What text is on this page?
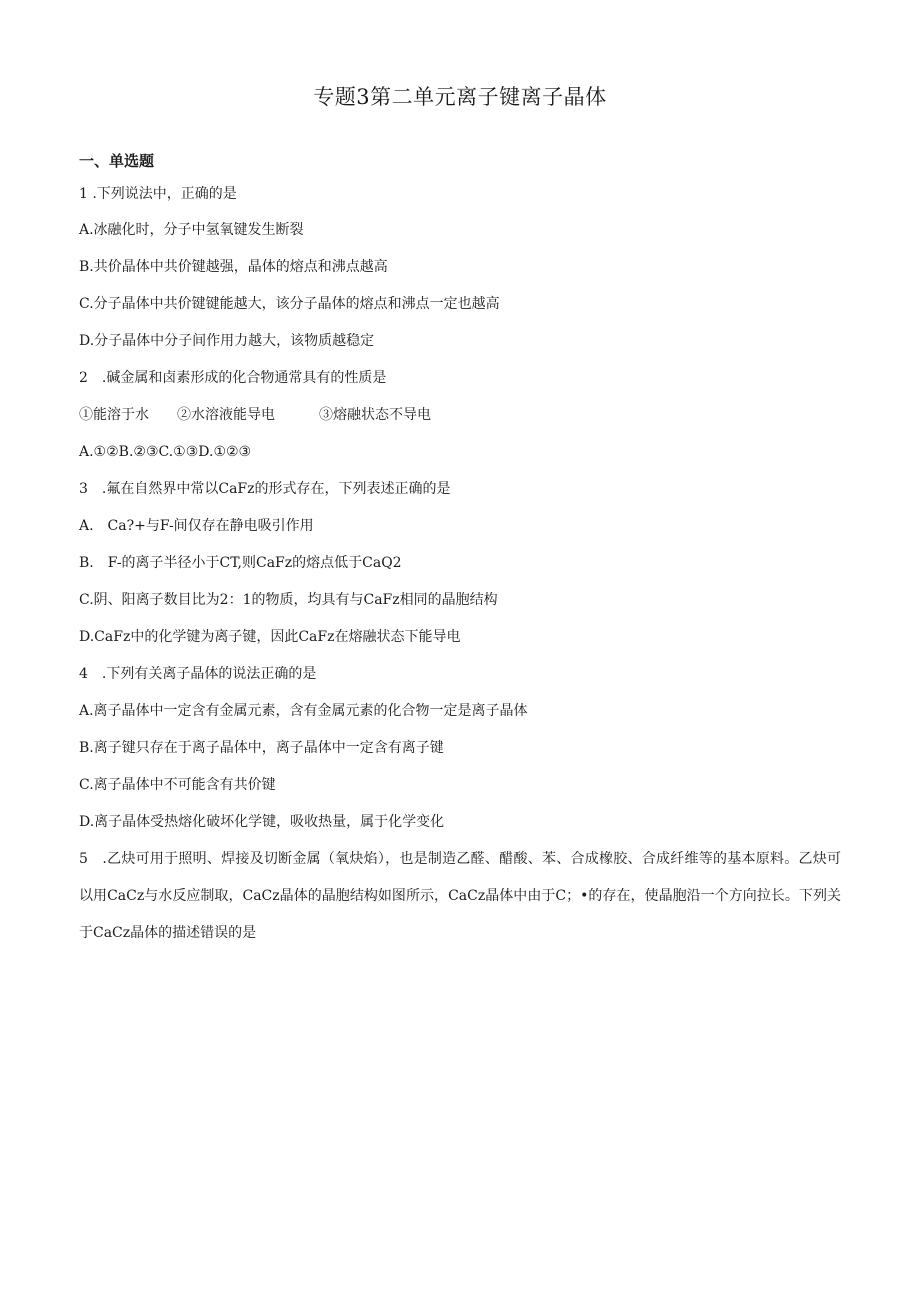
专题3第二单元离子键离子晶体
一、单选题
1 .下列说法中，正确的是
A.冰融化时，分子中氢氧键发生断裂
B.共价晶体中共价键越强，晶体的熔点和沸点越高
C.分子晶体中共价键键能越大，该分子晶体的熔点和沸点一定也越高
D.分子晶体中分子间作用力越大，该物质越稳定
2　.碱金属和卤素形成的化合物通常具有的性质是
①能溶于水 ②水溶液能导电	③熔融状态不导电
A.①②B.②③C.①③D.①②③
3　.氟在自然界中常以CaFz的形式存在，下列表述正确的是
A.　Ca?+与F-间仅存在静电吸引作用
B.　F-的离子半径小于CT,则CaFz的熔点低于CaQ2
C.阴、阳离子数目比为2：1的物质，均具有与CaFz相同的晶胞结构
D.CaFz中的化学键为离子键，因此CaFz在熔融状态下能导电
4　.下列有关离子晶体的说法正确的是
A.离子晶体中一定含有金属元素，含有金属元素的化合物一定是离子晶体
B.离子键只存在于离子晶体中，离子晶体中一定含有离子键
C.离子晶体中不可能含有共价键
D.离子晶体受热熔化破坏化学键，吸收热量，属于化学变化
5　.乙炔可用于照明、焊接及切断金属（氧炔焰），也是制造乙醛、醋酸、苯、合成橡胶、合成纤维等的基本原料。乙炔可以用CaCz与水反应制取，CaCz晶体的晶胞结构如图所示，CaCz晶体中由于C；•的存在，使晶胞沿一个方向拉长。下列关于CaCz晶体的描述错误的是
